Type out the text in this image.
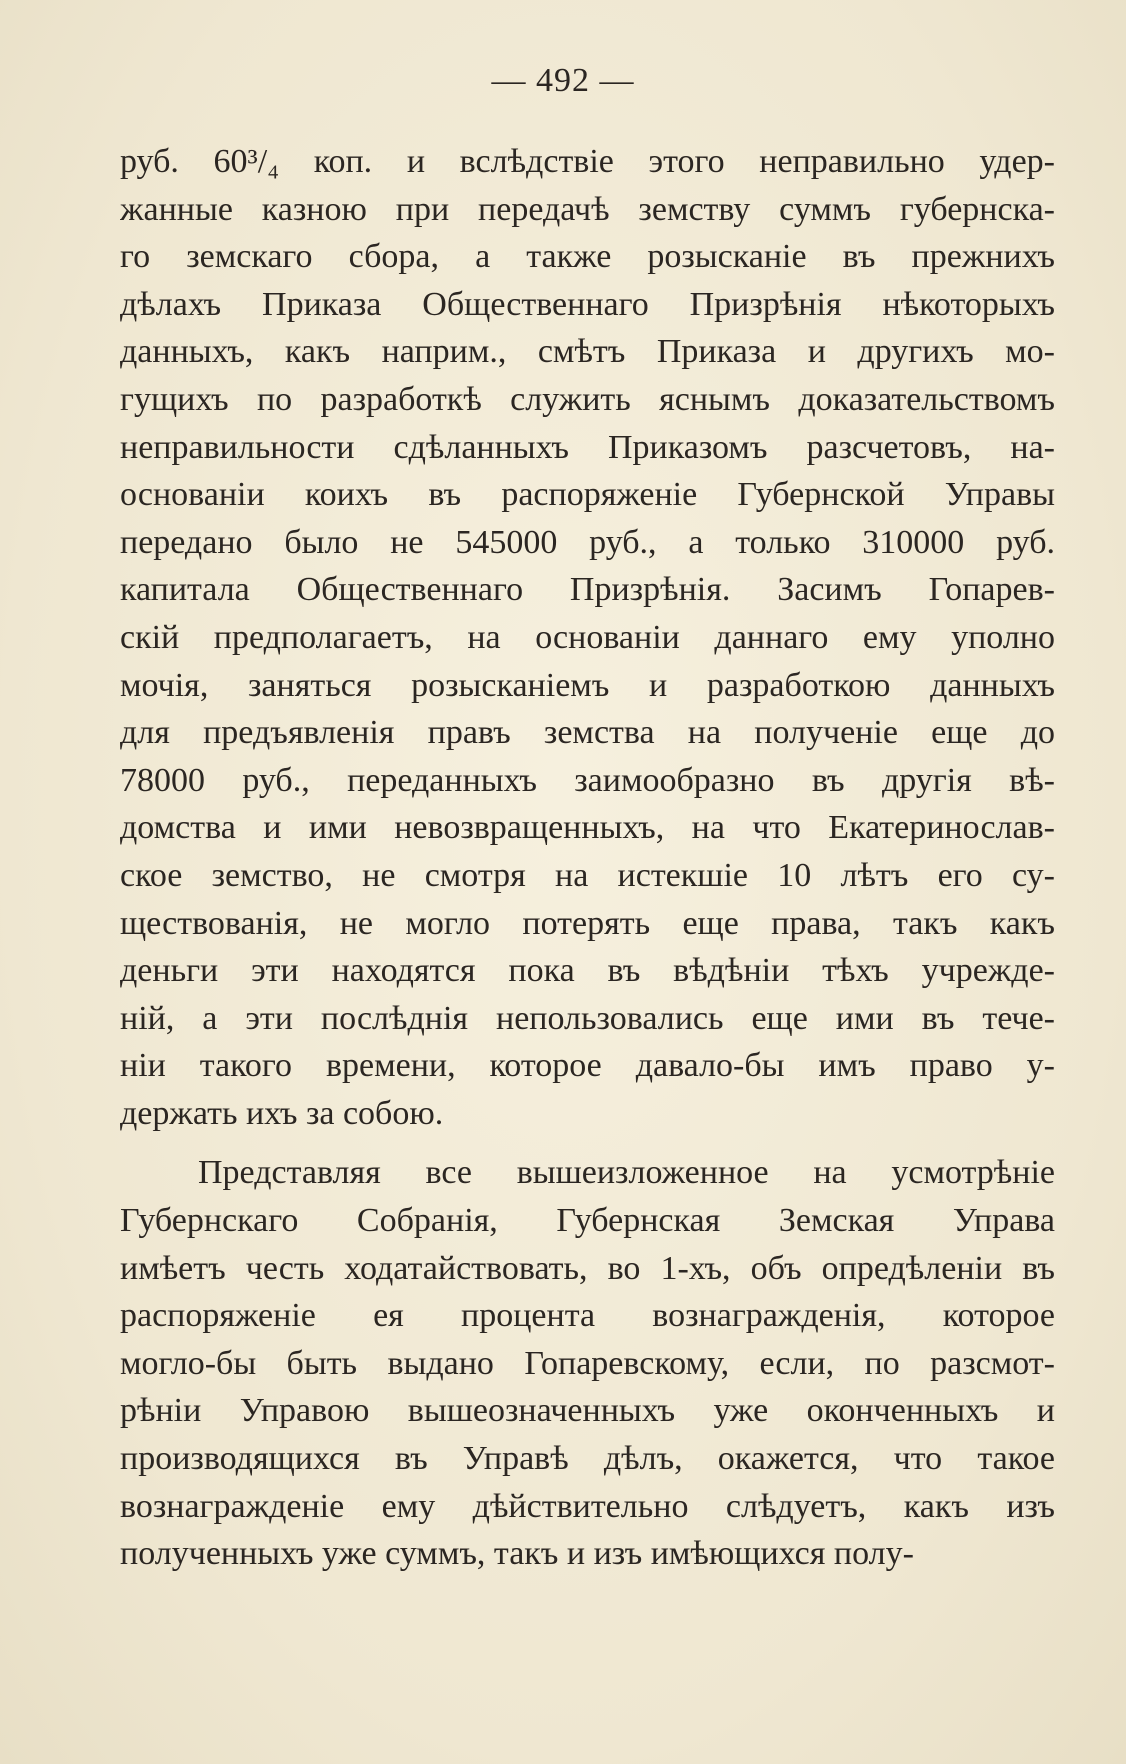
— 492 —
руб. 60³/₄ коп. и вслѣдствіе этого неправильно удер-
жанные казною при передачѣ земству суммъ губернска-
го земскаго сбора, а также розысканіе въ прежнихъ
дѣлахъ Приказа Общественнаго Призрѣнія нѣкоторыхъ
данныхъ, какъ наприм., смѣтъ Приказа и другихъ мо-
гущихъ по разработкѣ служить яснымъ доказательствомъ
неправильности сдѣланныхъ Приказомъ разсчетовъ, на-
основаніи коихъ въ распоряженіе Губернской Управы
передано было не 545000 руб., а только 310000 руб.
капитала Общественнаго Призрѣнія. Засимъ Гопарев-
скій предполагаетъ, на основаніи даннаго ему уполно
мочія, заняться розысканіемъ и разработкою данныхъ
для предъявленія правъ земства на полученіе еще до
78000 руб., переданныхъ заимообразно въ другія вѣ-
домства и ими невозвращенныхъ, на что Екатеринослав-
ское земство, не смотря на истекшіе 10 лѣтъ его су-
ществованія, не могло потерять еще права, такъ какъ
деньги эти находятся пока въ вѣдѣніи тѣхъ учрежде-
ній, а эти послѣднія непользовались еще ими въ тече-
ніи такого времени, которое давало-бы имъ право у-
держать ихъ за собою.
Представляя все вышеизложенное на усмотрѣніе
Губернскаго Собранія, Губернская Земская Управа
имѣетъ честь ходатайствовать, во 1-хъ, объ опредѣленіи въ
распоряженіе ея процента вознагражденія, которое
могло-бы быть выдано Гопаревскому, если, по разсмот-
рѣніи Управою вышеозначенныхъ уже оконченныхъ и
производящихся въ Управѣ дѣлъ, окажется, что такое
вознагражденіе ему дѣйствительно слѣдуетъ, какъ изъ
полученныхъ уже суммъ, такъ и изъ имѣющихся полу-
